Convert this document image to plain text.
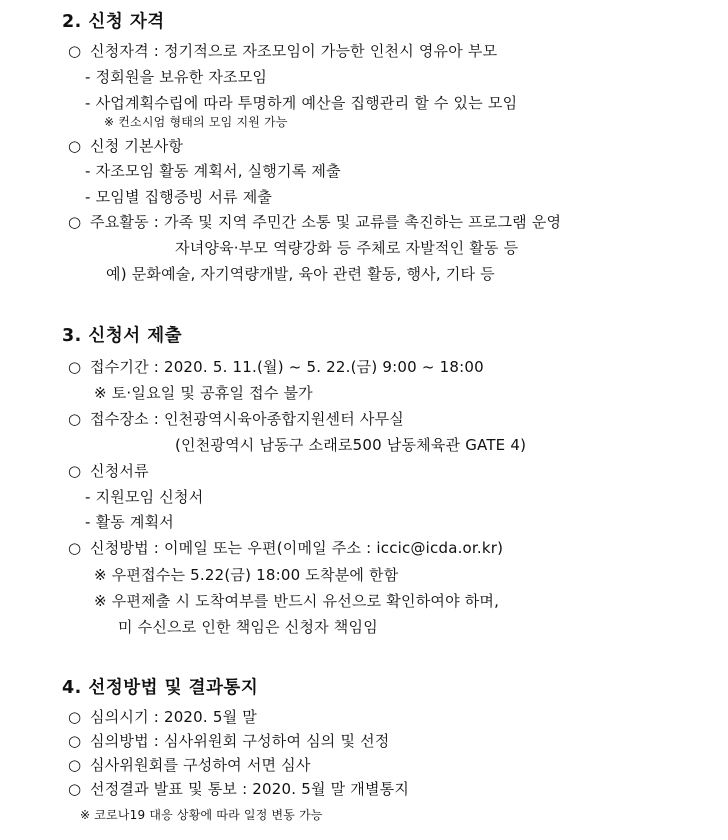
2. 신청 자격
○ 신청자격 : 정기적으로 자조모임이 가능한 인천시 영유아 부모
- 정회원을 보유한 자조모임
- 사업계획수립에 따라 투명하게 예산을 집행관리 할 수 있는 모임
※ 컨소시엄 형태의 모임 지원 가능
○ 신청 기본사항
- 자조모임 활동 계획서, 실행기록 제출
- 모임별 집행증빙 서류 제출
○ 주요활동 : 가족 및 지역 주민간 소통 및 교류를 촉진하는 프로그램 운영
자녀양육·부모 역량강화 등 주체로 자발적인 활동 등
예) 문화예술, 자기역량개발, 육아 관련 활동, 행사, 기타 등
3. 신청서 제출
○ 접수기간 : 2020. 5. 11.(월) ~ 5. 22.(금) 9:00 ~ 18:00
※ 토·일요일 및 공휴일 접수 불가
○ 접수장소 : 인천광역시육아종합지원센터 사무실
(인천광역시 남동구 소래로500 남동체육관 GATE 4)
○ 신청서류
- 지원모임 신청서
- 활동 계획서
○ 신청방법 : 이메일 또는 우편(이메일 주소 : iccic@icda.or.kr)
※ 우편접수는 5.22(금) 18:00 도착분에 한함
※ 우편제출 시 도착여부를 반드시 유선으로 확인하여야 하며,
미 수신으로 인한 책임은 신청자 책임임
4. 선정방법 및 결과통지
○ 심의시기 : 2020. 5월 말
○ 심의방법 : 심사위원회 구성하여 심의 및 선정
○ 심사위원회를 구성하여 서면 심사
○ 선정결과 발표 및 통보 : 2020. 5월 말 개별통지
※ 코로나19 대응 상황에 따라 일정 변동 가능
